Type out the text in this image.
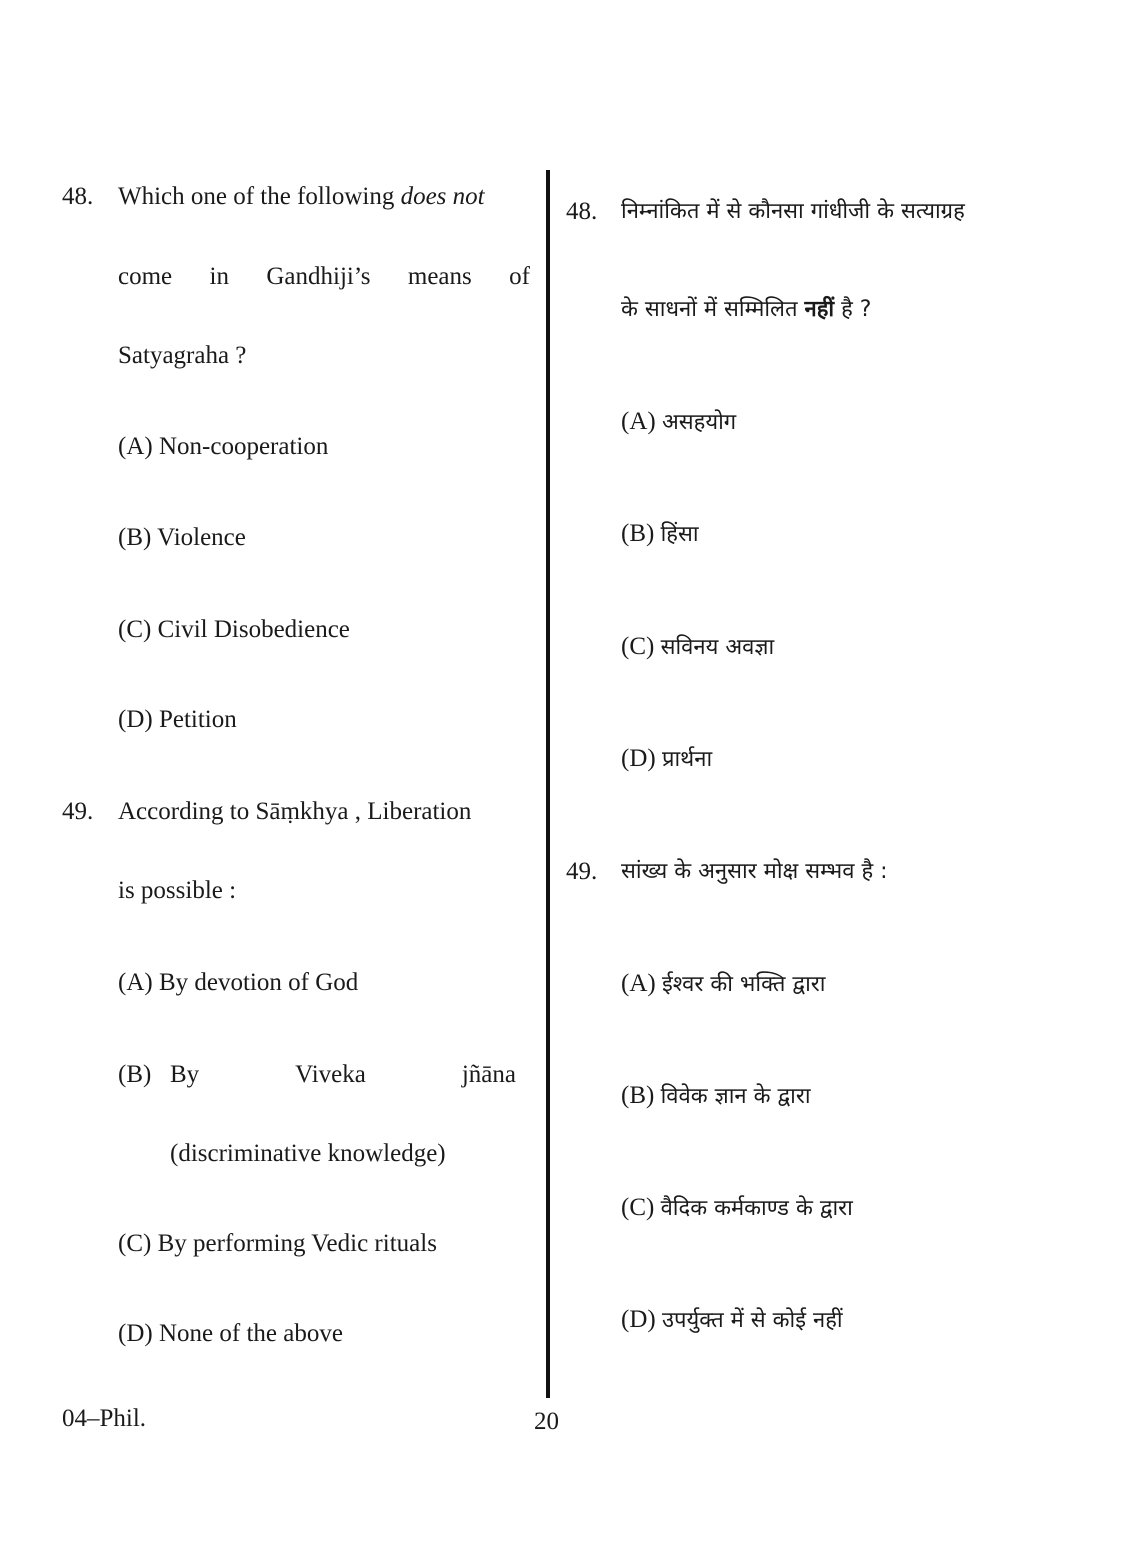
48. Which one of the following does not
come in Gandhiji’s means of
Satyagraha ?
(A) Non-cooperation
(B) Violence
(C) Civil Disobedience
(D) Petition
49. According to Sāṃkhya , Liberation
is possible :
(A) By devotion of God
(B) By	Viveka	jñāna
(discriminative knowledge)
(C) By performing Vedic rituals
(D) None of the above
48. निम्नांकित में से कौनसा गांधीजी के सत्याग्रह
के साधनों में सम्मिलित नहीं है ?
(A) असहयोग
(B) हिंसा
(C) सविनय अवज्ञा
(D) प्रार्थना
49. सांख्य के अनुसार मोक्ष सम्भव है :
(A) ईश्वर की भक्ति द्वारा
(B) विवेक ज्ञान के द्वारा
(C) वैदिक कर्मकाण्ड के द्वारा
(D) उपर्युक्त में से कोई नहीं
04–Phil.	20
